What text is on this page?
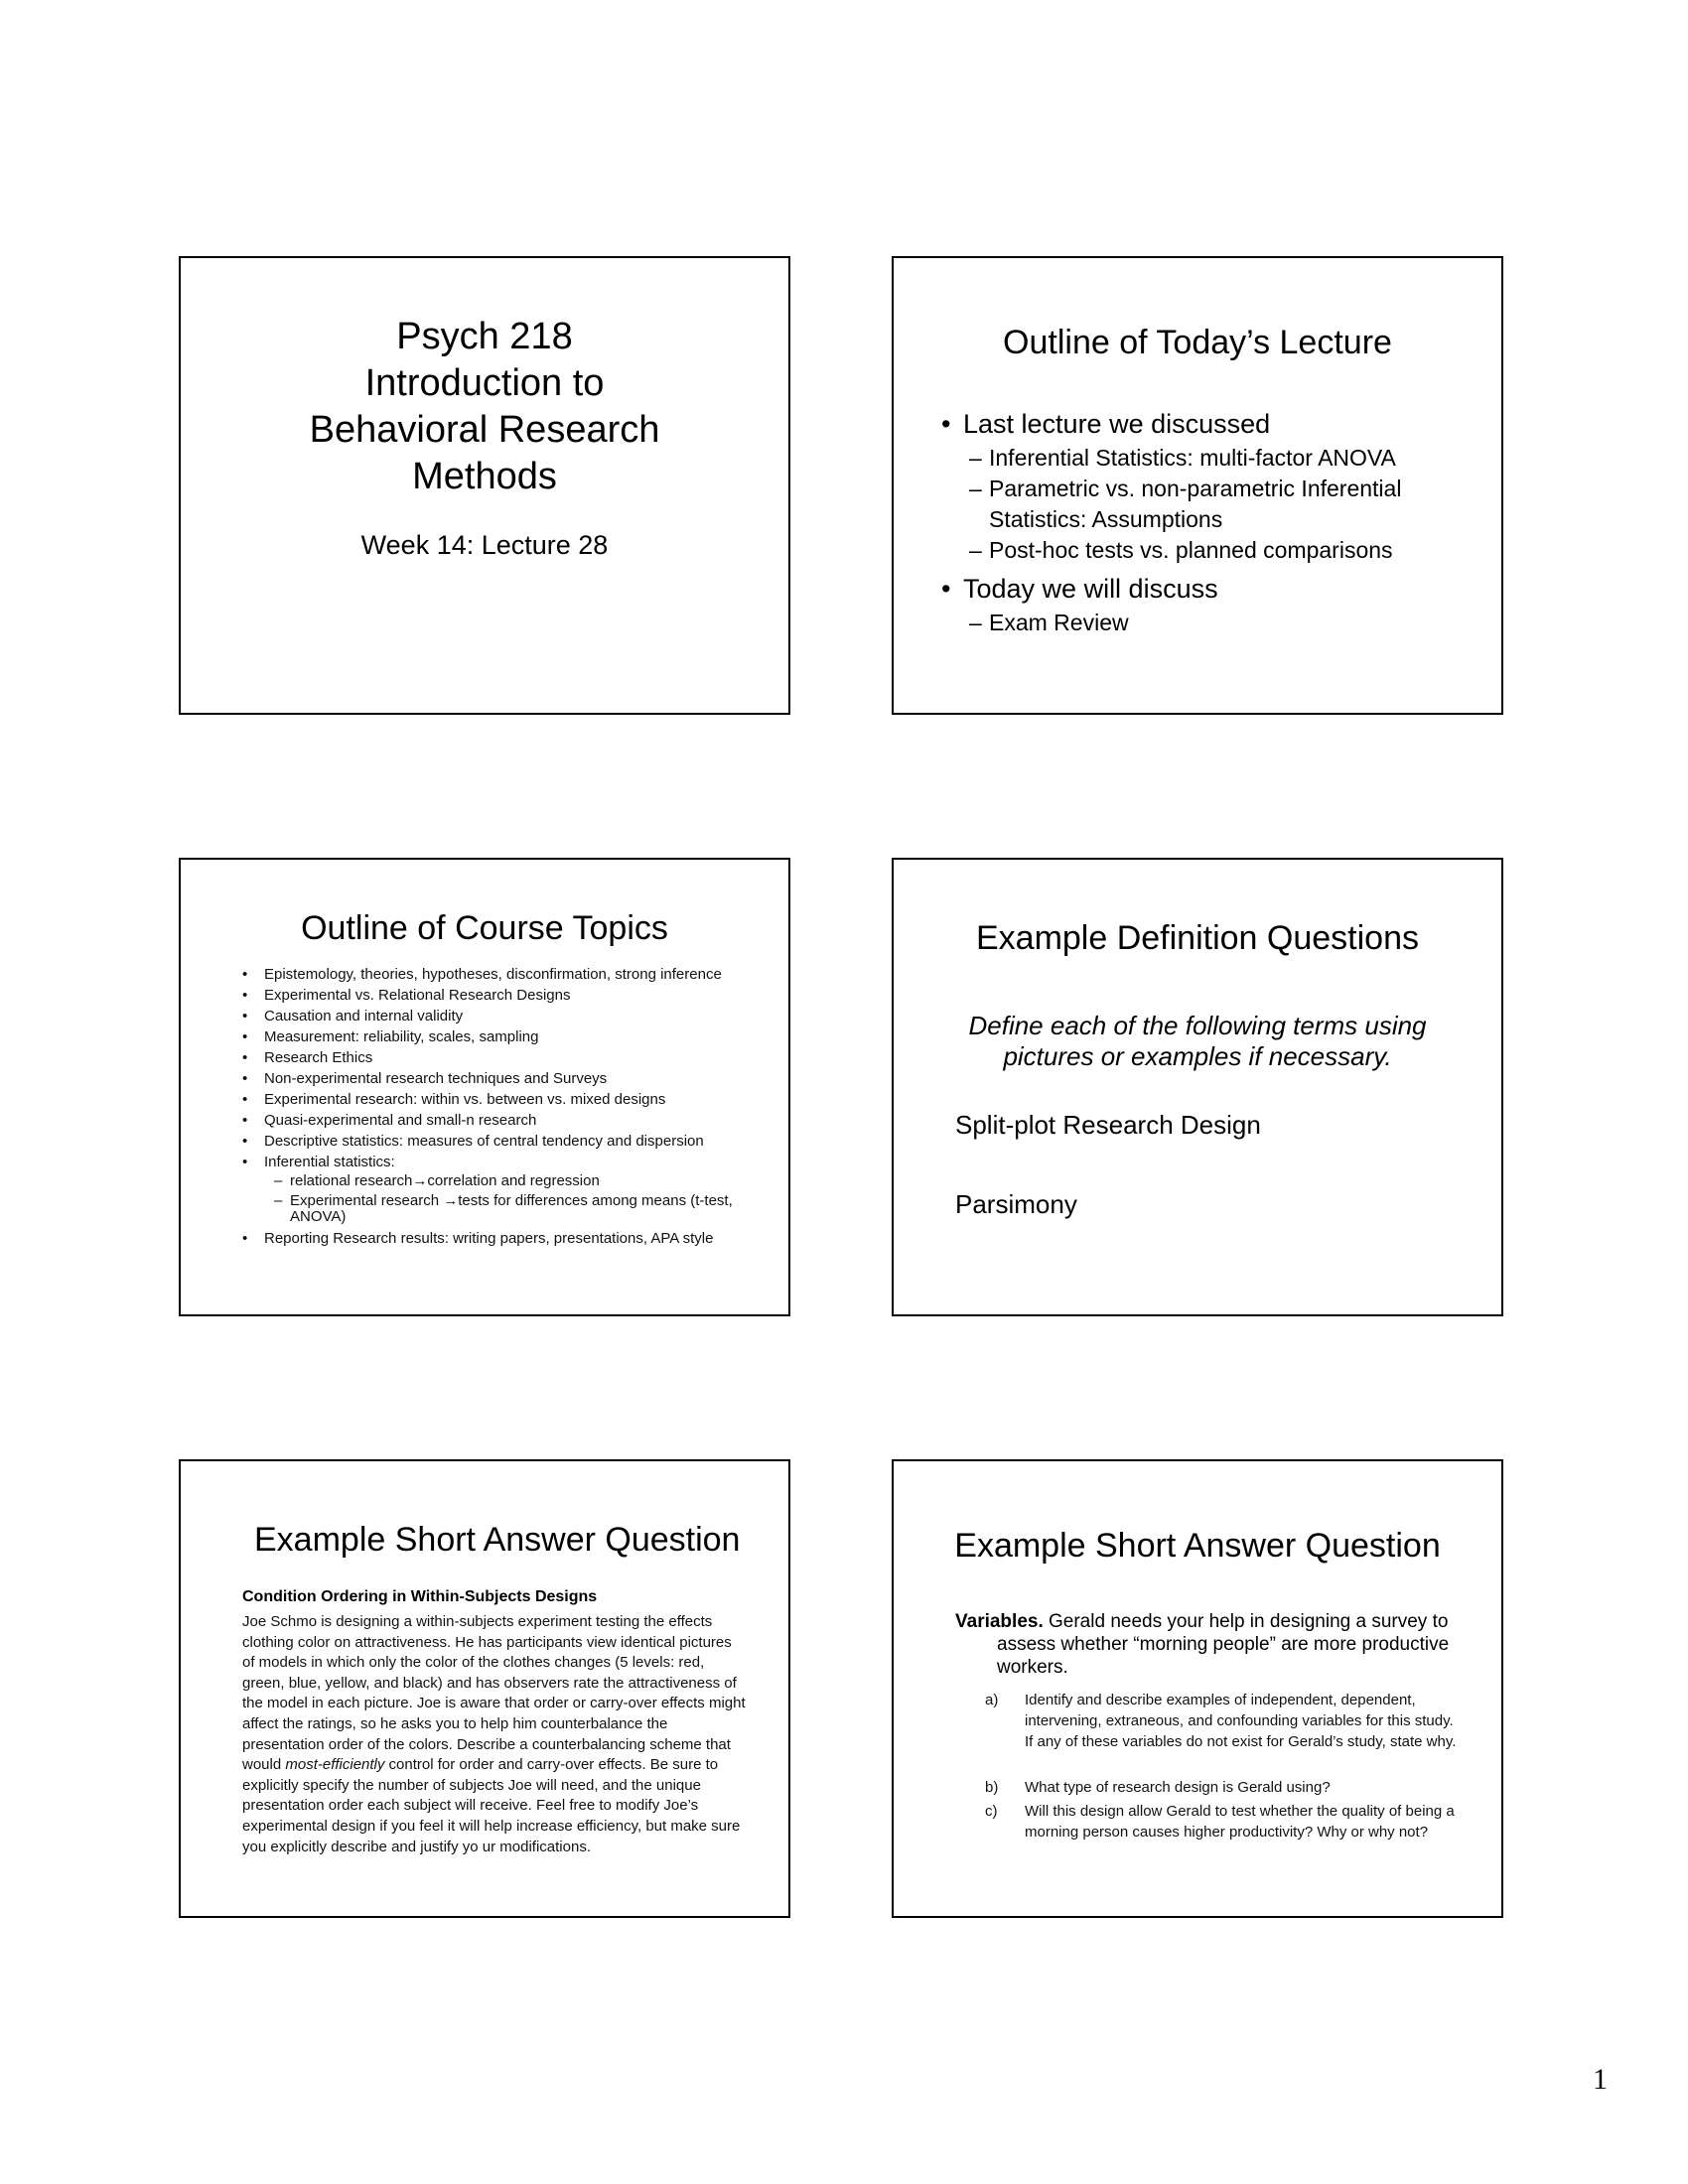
Psych 218
Introduction to
Behavioral Research
Methods
Week 14: Lecture 28
Outline of Today’s Lecture
• Last lecture we discussed
– Inferential Statistics: multi-factor ANOVA
– Parametric vs. non-parametric Inferential Statistics: Assumptions
– Post-hoc tests vs. planned comparisons
• Today we will discuss
– Exam Review
Outline of Course Topics
• Epistemology, theories, hypotheses, disconfirmation, strong inference
• Experimental vs. Relational Research Designs
• Causation and internal validity
• Measurement: reliability, scales, sampling
• Research Ethics
• Non-experimental research techniques and Surveys
• Experimental research: within vs. between vs. mixed designs
• Quasi-experimental and small-n research
• Descriptive statistics: measures of central tendency and dispersion
• Inferential statistics:
– relational research→correlation and regression
– Experimental research →tests for differences among means (t-test, ANOVA)
• Reporting Research results: writing papers, presentations, APA style
Example Definition Questions
Define each of the following terms using pictures or examples if necessary.
Split-plot Research Design
Parsimony
Example Short Answer Question
Condition Ordering in Within-Subjects Designs
Joe Schmo is designing a within-subjects experiment testing the effects clothing color on attractiveness. He has participants view identical pictures of models in which only the color of the clothes changes (5 levels: red, green, blue, yellow, and black) and has observers rate the attractiveness of the model in each picture. Joe is aware that order or carry-over effects might affect the ratings, so he asks you to help him counterbalance the presentation order of the colors. Describe a counterbalancing scheme that would most-efficiently control for order and carry-over effects. Be sure to explicitly specify the number of subjects Joe will need, and the unique presentation order each subject will receive. Feel free to modify Joe’s experimental design if you feel it will help increase efficiency, but make sure you explicitly describe and justify yo ur modifications.
Example Short Answer Question
Variables. Gerald needs your help in designing a survey to assess whether “morning people” are more productive workers.
a) Identify and describe examples of independent, dependent, intervening, extraneous, and confounding variables for this study. If any of these variables do not exist for Gerald’s study, state why.
b) What type of research design is Gerald using?
c) Will this design allow Gerald to test whether the quality of being a morning person causes higher productivity? Why or why not?
1
